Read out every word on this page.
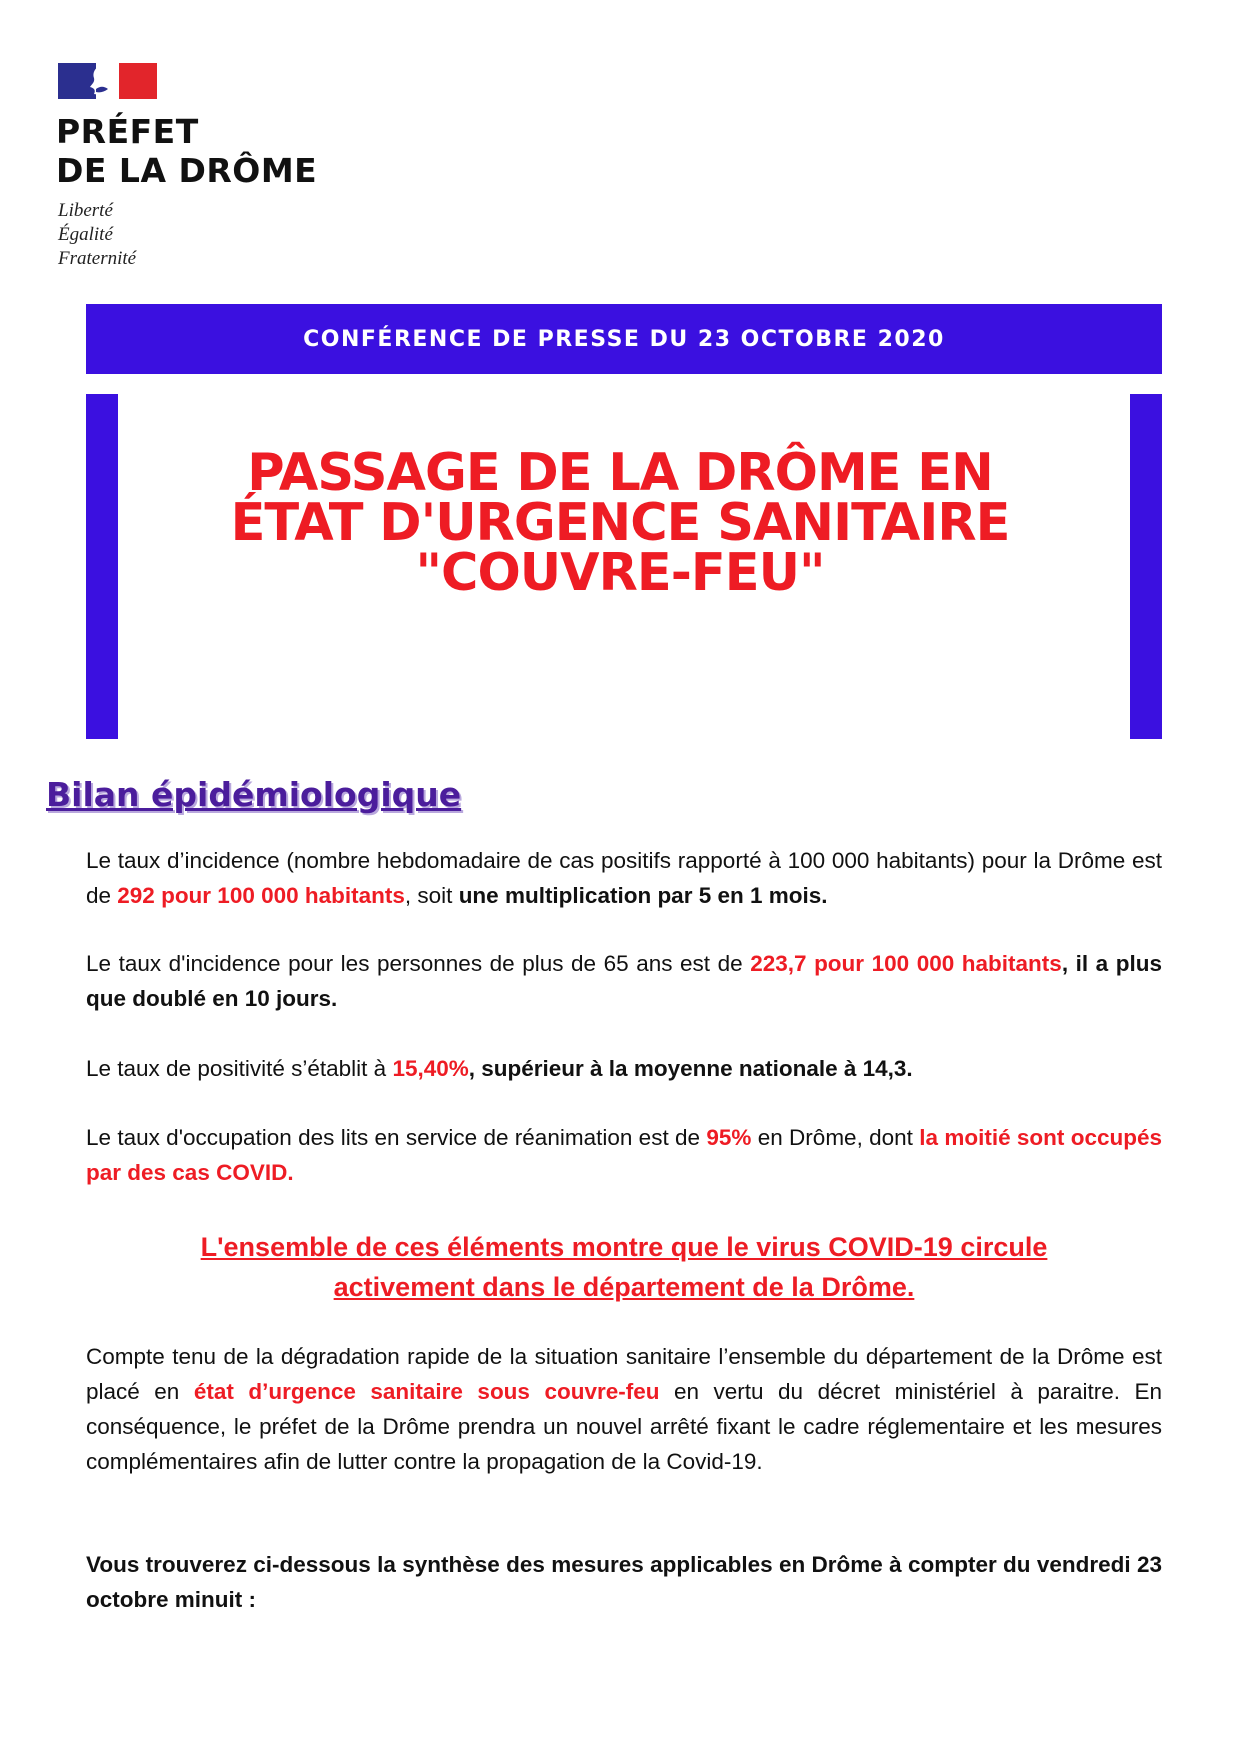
PRÉFET
DE LA DRÔME
Liberté
Égalité
Fraternité
CONFÉRENCE DE PRESSE DU 23 OCTOBRE 2020
PASSAGE DE LA DRÔME EN
ÉTAT D'URGENCE SANITAIRE
"COUVRE-FEU"
Bilan épidémiologique
Le taux d’incidence (nombre hebdomadaire de cas positifs rapporté à 100 000 habitants) pour la Drôme est de 292 pour 100 000 habitants, soit une multiplication par 5 en 1 mois.
Le taux d'incidence pour les personnes de plus de 65 ans est de 223,7 pour 100 000 habitants, il a plus que doublé en 10 jours.
Le taux de positivité s’établit à 15,40%, supérieur à la moyenne nationale à 14,3.
Le taux d'occupation des lits en service de réanimation est de 95% en Drôme, dont la moitié sont occupés par des cas COVID.
L'ensemble de ces éléments montre que le virus COVID-19 circule
activement dans le département de la Drôme.
Compte tenu de la dégradation rapide de la situation sanitaire l’ensemble du département de la Drôme est placé en état d’urgence sanitaire sous couvre-feu en vertu du décret ministériel à paraitre. En conséquence, le préfet de la Drôme prendra un nouvel arrêté fixant le cadre réglementaire et les mesures complémentaires afin de lutter contre la propagation de la Covid-19.
Vous trouverez ci-dessous la synthèse des mesures applicables en Drôme à compter du vendredi 23 octobre minuit :
